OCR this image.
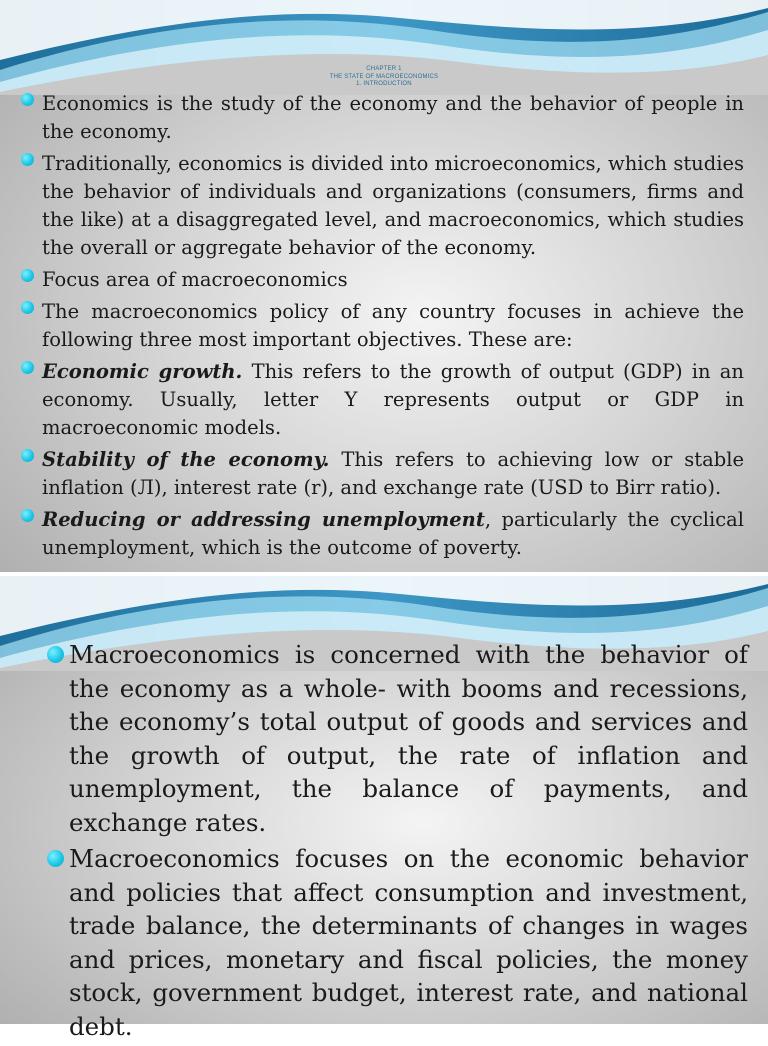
CHAPTER 1
THE STATE OF MACROECONOMICS
1. INTRODUCTION
Economics is the study of the economy and the behavior of people in the economy.
Traditionally, economics is divided into microeconomics, which studies the behavior of individuals and organizations (consumers, firms and the like) at a disaggregated level, and macroeconomics, which studies the overall or aggregate behavior of the economy.
Focus area of macroeconomics
The macroeconomics policy of any country focuses in achieve the following three most important objectives. These are:
Economic growth. This refers to the growth of output (GDP) in an economy. Usually, letter Y represents output or GDP in macroeconomic models.
Stability of the economy. This refers to achieving low or stable inflation (Л), interest rate (r), and exchange rate (USD to Birr ratio).
Reducing or addressing unemployment, particularly the cyclical unemployment, which is the outcome of poverty.
Macroeconomics is concerned with the behavior of the economy as a whole- with booms and recessions, the economy’s total output of goods and services and the growth of output, the rate of inflation and unemployment, the balance of payments, and exchange rates.
Macroeconomics focuses on the economic behavior and policies that affect consumption and investment, trade balance, the determinants of changes in wages and prices, monetary and fiscal policies, the money stock, government budget, interest rate, and national debt.
